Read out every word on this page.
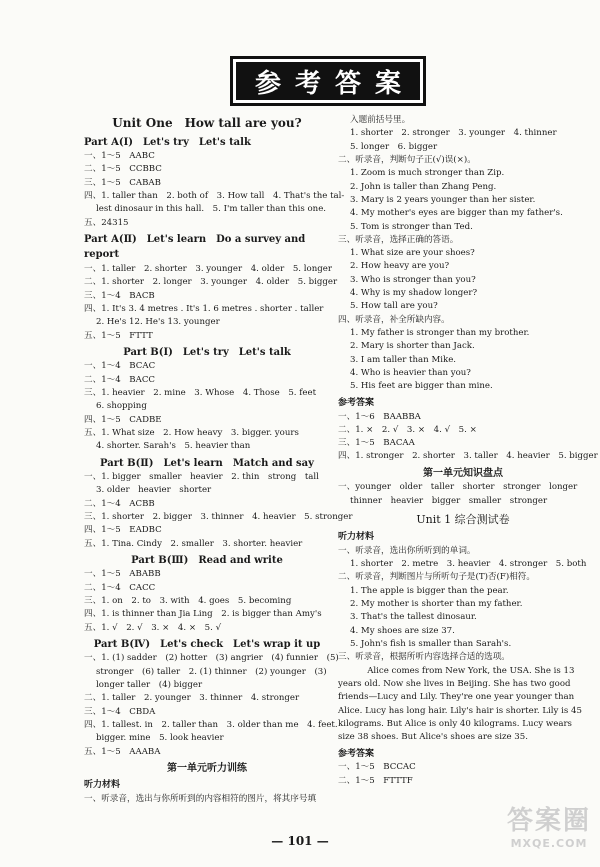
参考答案
Unit One　How tall are you?
Part A(Ⅰ)　Let's try　Let's talk
一、1～5　AABC
二、1～5　CCBBC
三、1～5　CABAB
四、1. taller than　2. both of　3. How tall　4. That's the tal-
lest dinosaur in this hall.　5. I'm taller than this one.
五、24315
Part A(Ⅱ)　Let's learn　Do a survey and report
一、1. taller　2. shorter　3. younger　4. older　5. longer
二、1. shorter　2. longer　3. younger　4. older　5. bigger
三、1～4　BACB
四、1. It's 3. 4 metres . It's 1. 6 metres . shorter . taller
2. He's 12. He's 13. younger
五、1～5　FTTT
Part B(Ⅰ)　Let's try　Let's talk
一、1～4　BCAC
二、1～4　BACC
三、1. heavier　2. mine　3. Whose　4. Those　5. feet
6. shopping
四、1～5　CADBE
五、1. What size　2. How heavy　3. bigger. yours
4. shorter. Sarah's　5. heavier than
Part B(Ⅱ)　Let's learn　Match and say
一、1. bigger　smaller　heavier　2. thin　strong　tall
3. older　heavier　shorter
二、1～4　ACBB
三、1. shorter　2. bigger　3. thinner　4. heavier　5. stronger
四、1～5　EADBC
五、1. Tina. Cindy　2. smaller　3. shorter. heavier
Part B(Ⅲ)　Read and write
一、1～5　ABABB
二、1～4　CACC
三、1. on　2. to　3. with　4. goes　5. becoming
四、1. is thinner than Jia Ling　2. is bigger than Amy's
五、1. √　2. √　3. ×　4. ×　5. √
Part B(Ⅳ)　Let's check　Let's wrap it up
一、1. (1) sadder　(2) hotter　(3) angrier　(4) funnier　(5)
stronger　(6) taller　2. (1) thinner　(2) younger　(3)
longer taller　(4) bigger
二、1. taller　2. younger　3. thinner　4. stronger
三、1～4　CBDA
四、1. tallest. in　2. taller than　3. older than me　4. feet.
bigger. mine　5. look heavier
五、1～5　AAABA
第一单元听力训练
听力材料
一、听录音，选出与你所听到的内容相符的图片，将其序号填
入题前括号里。
1. shorter　2. stronger　3. younger　4. thinner
5. longer　6. bigger
二、听录音，判断句子正(√)误(×)。
1. Zoom is much stronger than Zip.
2. John is taller than Zhang Peng.
3. Mary is 2 years younger than her sister.
4. My mother's eyes are bigger than my father's.
5. Tom is stronger than Ted.
三、听录音，选择正确的答语。
1. What size are your shoes?
2. How heavy are you?
3. Who is stronger than you?
4. Why is my shadow longer?
5. How tall are you?
四、听录音，补全所缺内容。
1. My father is stronger than my brother.
2. Mary is shorter than Jack.
3. I am taller than Mike.
4. Who is heavier than you?
5. His feet are bigger than mine.
参考答案
一、1～6　BAABBA
二、1. ×　2. √　3. ×　4. √　5. ×
三、1～5　BACAA
四、1. stronger　2. shorter　3. taller　4. heavier　5. bigger
第一单元知识盘点
一、younger　older　taller　shorter　stronger　longer
thinner　heavier　bigger　smaller　stronger
Unit 1 综合测试卷
听力材料
一、听录音，选出你所听到的单词。
1. shorter　2. metre　3. heavier　4. stronger　5. both
二、听录音，判断图片与所听句子是(T)否(F)相符。
1. The apple is bigger than the pear.
2. My mother is shorter than my father.
3. That's the tallest dinosaur.
4. My shoes are size 37.
5. John's fish is smaller than Sarah's.
三、听录音，根据所听内容选择合适的选项。
　　Alice comes from New York, the USA. She is 13
years old. Now she lives in Beijing. She has two good
friends—Lucy and Lily. They're one year younger than
Alice. Lucy has long hair. Lily's hair is shorter. Lily is 45
kilograms. But Alice is only 40 kilograms. Lucy wears
size 38 shoes. But Alice's shoes are size 35.
参考答案
一、1～5　BCCAC
二、1～5　FTTTF
— 101 —
答案圈
MXQE.COM
